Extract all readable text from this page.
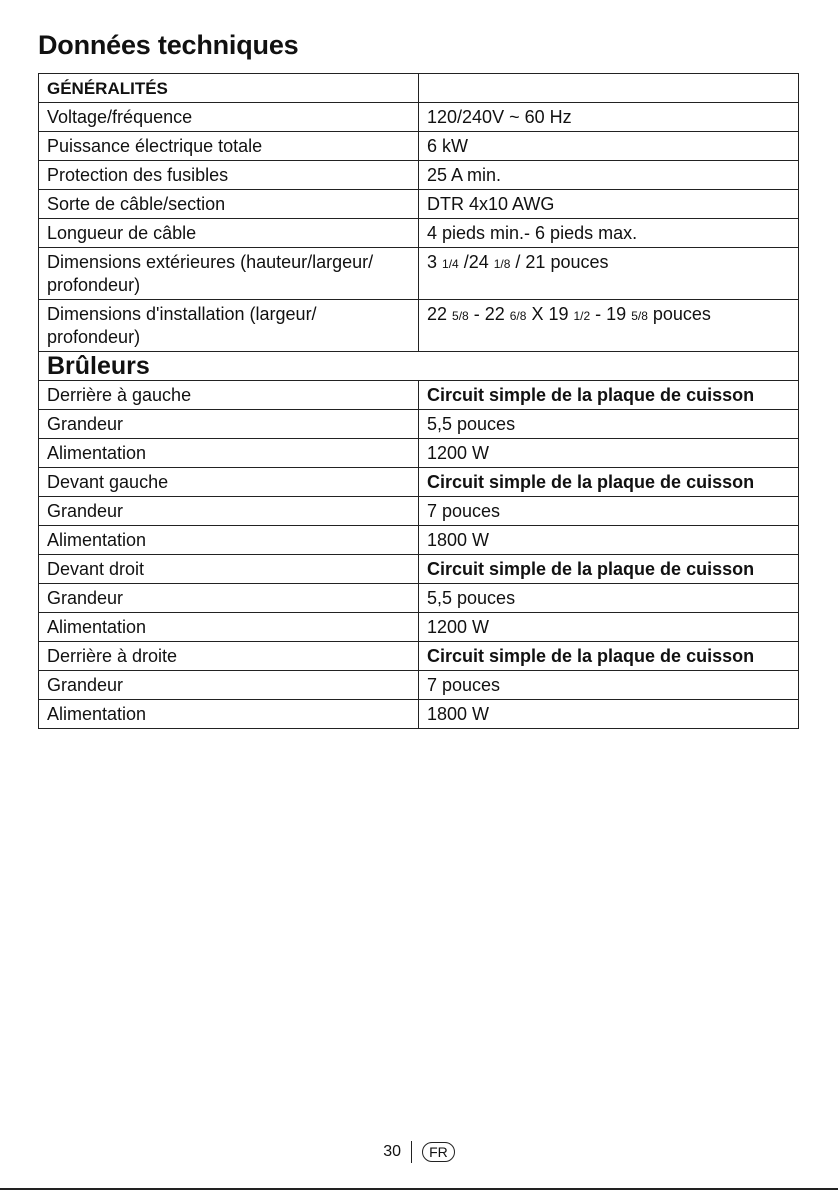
Données techniques
GÉNÉRALITÉS	
Voltage/fréquence	120/240V ~ 60 Hz
Puissance électrique totale	6 kW
Protection des fusibles	25 A min.
Sorte de câble/section	DTR 4x10 AWG
Longueur de câble	4 pieds min.- 6 pieds max.
Dimensions extérieures (hauteur/largeur/ profondeur)	3 1/4 /24 1/8 / 21 pouces
Dimensions d'installation (largeur/ profondeur)	22 5/8 - 22 6/8 X 19 1/2 - 19 5/8 pouces
Brûleurs	
Derrière à gauche	Circuit simple de la plaque de cuisson
Grandeur	5,5 pouces
Alimentation	1200 W
Devant gauche	Circuit simple de la plaque de cuisson
Grandeur	7 pouces
Alimentation	1800 W
Devant droit	Circuit simple de la plaque de cuisson
Grandeur	5,5 pouces
Alimentation	1200 W
Derrière à droite	Circuit simple de la plaque de cuisson
Grandeur	7 pouces
Alimentation	1800 W
30 FR
